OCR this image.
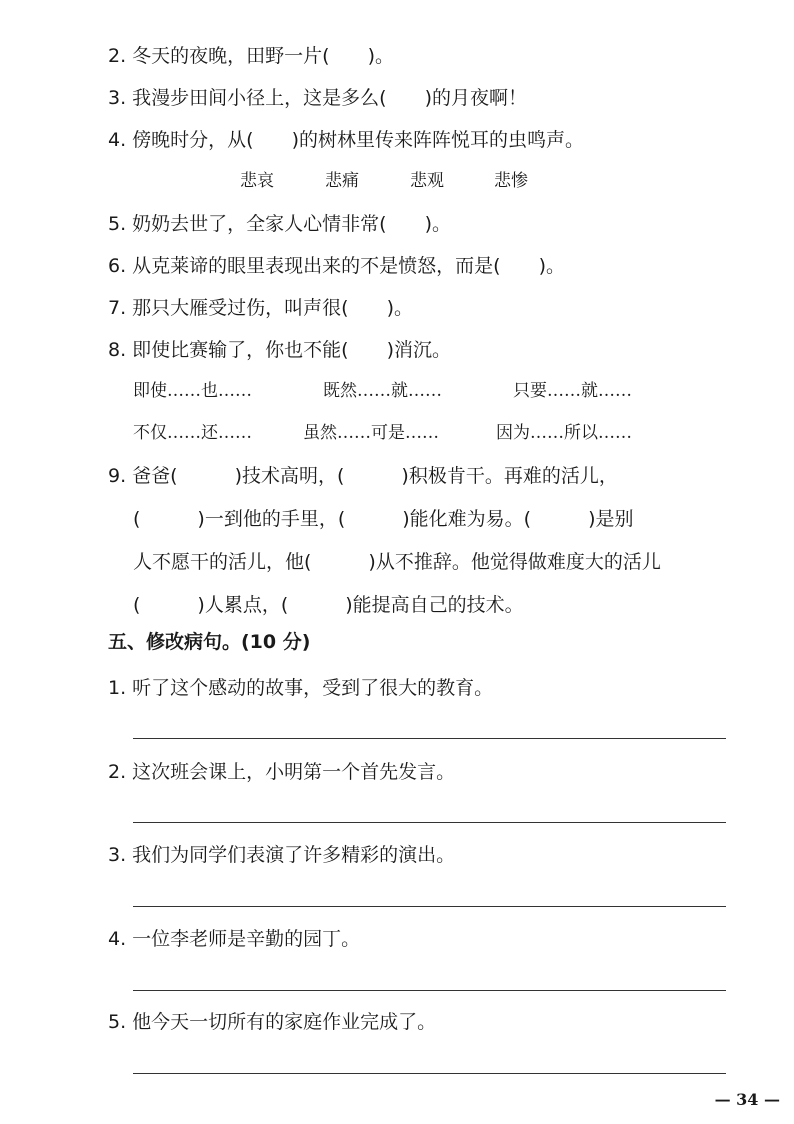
2. 冬天的夜晚，田野一片(　　)。
3. 我漫步田间小径上，这是多么(　　)的月夜啊！
4. 傍晚时分，从(　　)的树林里传来阵阵悦耳的虫鸣声。
悲哀	悲痛	悲观	悲惨
5. 奶奶去世了，全家人心情非常(　　)。
6. 从克莱谛的眼里表现出来的不是愤怒，而是(　　)。
7. 那只大雁受过伤，叫声很(　　)。
8. 即使比赛输了，你也不能(　　)消沉。
即使……也……	既然……就……	只要……就……
不仅……还……	虽然……可是……	因为……所以……
9. 爸爸(　　　)技术高明，(　　　)积极肯干。再难的活儿，
(　　　)一到他的手里，(　　　)能化难为易。(　　　)是别
人不愿干的活儿，他(　　　)从不推辞。他觉得做难度大的活儿
(　　　)人累点，(　　　)能提高自己的技术。
五、修改病句。(10 分)
1. 听了这个感动的故事，受到了很大的教育。
2. 这次班会课上，小明第一个首先发言。
3. 我们为同学们表演了许多精彩的演出。
4. 一位李老师是辛勤的园丁。
5. 他今天一切所有的家庭作业完成了。
— 34 —
